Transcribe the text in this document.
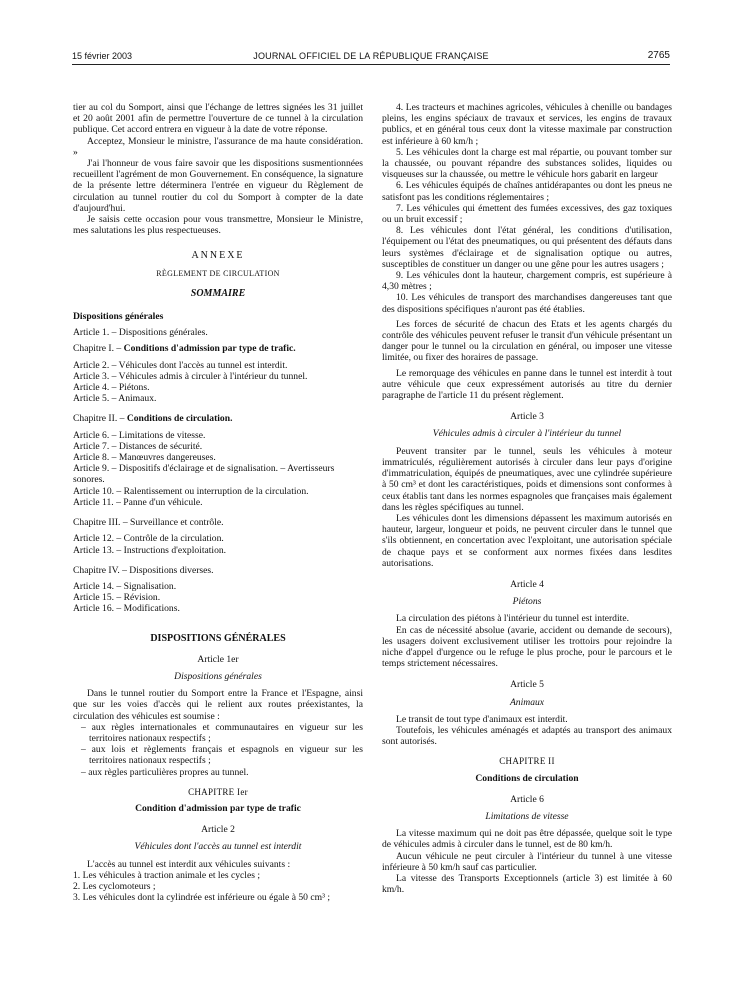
15 février 2003	JOURNAL OFFICIEL DE LA RÉPUBLIQUE FRANÇAISE	2765

tier au col du Somport, ainsi que l'échange de lettres signées les 31 juillet et 20 août 2001 afin de permettre l'ouverture de ce tunnel à la circulation publique. Cet accord entrera en vigueur à la date de votre réponse.

Acceptez, Monsieur le ministre, l'assurance de ma haute considération. »

J'ai l'honneur de vous faire savoir que les dispositions susmentionnées recueillent l'agrément de mon Gouvernement. En conséquence, la signature de la présente lettre déterminera l'entrée en vigueur du Règlement de circulation au tunnel routier du col du Somport à compter de la date d'aujourd'hui.

Je saisis cette occasion pour vous transmettre, Monsieur le Ministre, mes salutations les plus respectueuses.

ANNEXE
RÈGLEMENT DE CIRCULATION
SOMMAIRE
Dispositions générales
Article 1. – Dispositions générales.
Chapitre I. – Conditions d'admission par type de trafic.
Article 2. – Véhicules dont l'accès au tunnel est interdit.
Article 3. – Véhicules admis à circuler à l'intérieur du tunnel.
Article 4. – Piétons.
Article 5. – Animaux.
Chapitre II. – Conditions de circulation.
Article 6. – Limitations de vitesse.
Article 7. – Distances de sécurité.
Article 8. – Manœuvres dangereuses.
Article 9. – Dispositifs d'éclairage et de signalisation. – Avertisseurs sonores.
Article 10. – Ralentissement ou interruption de la circulation.
Article 11. – Panne d'un véhicule.
Chapitre III. – Surveillance et contrôle.
Article 12. – Contrôle de la circulation.
Article 13. – Instructions d'exploitation.
Chapitre IV. – Dispositions diverses.
Article 14. – Signalisation.
Article 15. – Révision.
Article 16. – Modifications.
DISPOSITIONS GÉNÉRALES
Article 1er
Dispositions générales

Dans le tunnel routier du Somport entre la France et l'Espagne, ainsi que sur les voies d'accès qui le relient aux routes préexistantes, la circulation des véhicules est soumise :

– aux règles internationales et communautaires en vigueur sur les territoires nationaux respectifs ;

– aux lois et règlements français et espagnols en vigueur sur les territoires nationaux respectifs ;

– aux règles particulières propres au tunnel.

CHAPITRE Ier
Condition d'admission par type de trafic
Article 2
Véhicules dont l'accès au tunnel est interdit

L'accès au tunnel est interdit aux véhicules suivants :

1. Les véhicules à traction animale et les cycles ;

2. Les cyclomoteurs ;

3. Les véhicules dont la cylindrée est inférieure ou égale à 50 cm³ ;

4. Les tracteurs et machines agricoles, véhicules à chenille ou bandages pleins, les engins spéciaux de travaux et services, les engins de travaux publics, et en général tous ceux dont la vitesse maximale par construction est inférieure à 60 km/h ;

5. Les véhicules dont la charge est mal répartie, ou pouvant tomber sur la chaussée, ou pouvant répandre des substances solides, liquides ou visqueuses sur la chaussée, ou mettre le véhicule hors gabarit en largeur

6. Les véhicules équipés de chaînes antidérapantes ou dont les pneus ne satisfont pas les conditions réglementaires ;

7. Les véhicules qui émettent des fumées excessives, des gaz toxiques ou un bruit excessif ;

8. Les véhicules dont l'état général, les conditions d'utilisation, l'équipement ou l'état des pneumatiques, ou qui présentent des défauts dans leurs systèmes d'éclairage et de signalisation optique ou autres, susceptibles de constituer un danger ou une gêne pour les autres usagers ;

9. Les véhicules dont la hauteur, chargement compris, est supérieure à 4,30 mètres ;

10. Les véhicules de transport des marchandises dangereuses tant que des dispositions spécifiques n'auront pas été établies.

Les forces de sécurité de chacun des Etats et les agents chargés du contrôle des véhicules peuvent refuser le transit d'un véhicule présentant un danger pour le tunnel ou la circulation en général, ou imposer une vitesse limitée, ou fixer des horaires de passage.

Le remorquage des véhicules en panne dans le tunnel est interdit à tout autre véhicule que ceux expressément autorisés au titre du dernier paragraphe de l'article 11 du présent règlement.

Article 3
Véhicules admis à circuler à l'intérieur du tunnel

Peuvent transiter par le tunnel, seuls les véhicules à moteur immatriculés, régulièrement autorisés à circuler dans leur pays d'origine d'immatriculation, équipés de pneumatiques, avec une cylindrée supérieure à 50 cm³ et dont les caractéristiques, poids et dimensions sont conformes à ceux établis tant dans les normes espagnoles que françaises mais également dans les règles spécifiques au tunnel.

Les véhicules dont les dimensions dépassent les maximum autorisés en hauteur, largeur, longueur et poids, ne peuvent circuler dans le tunnel que s'ils obtiennent, en concertation avec l'exploitant, une autorisation spéciale de chaque pays et se conforment aux normes fixées dans lesdites autorisations.

Article 4
Piétons

La circulation des piétons à l'intérieur du tunnel est interdite.

En cas de nécessité absolue (avarie, accident ou demande de secours), les usagers doivent exclusivement utiliser les trottoirs pour rejoindre la niche d'appel d'urgence ou le refuge le plus proche, pour le parcours et le temps strictement nécessaires.

Article 5
Animaux

Le transit de tout type d'animaux est interdit.

Toutefois, les véhicules aménagés et adaptés au transport des animaux sont autorisés.

CHAPITRE II
Conditions de circulation
Article 6
Limitations de vitesse

La vitesse maximum qui ne doit pas être dépassée, quelque soit le type de véhicules admis à circuler dans le tunnel, est de 80 km/h.

Aucun véhicule ne peut circuler à l'intérieur du tunnel à une vitesse inférieure à 50 km/h sauf cas particulier.

La vitesse des Transports Exceptionnels (article 3) est limitée à 60 km/h.
